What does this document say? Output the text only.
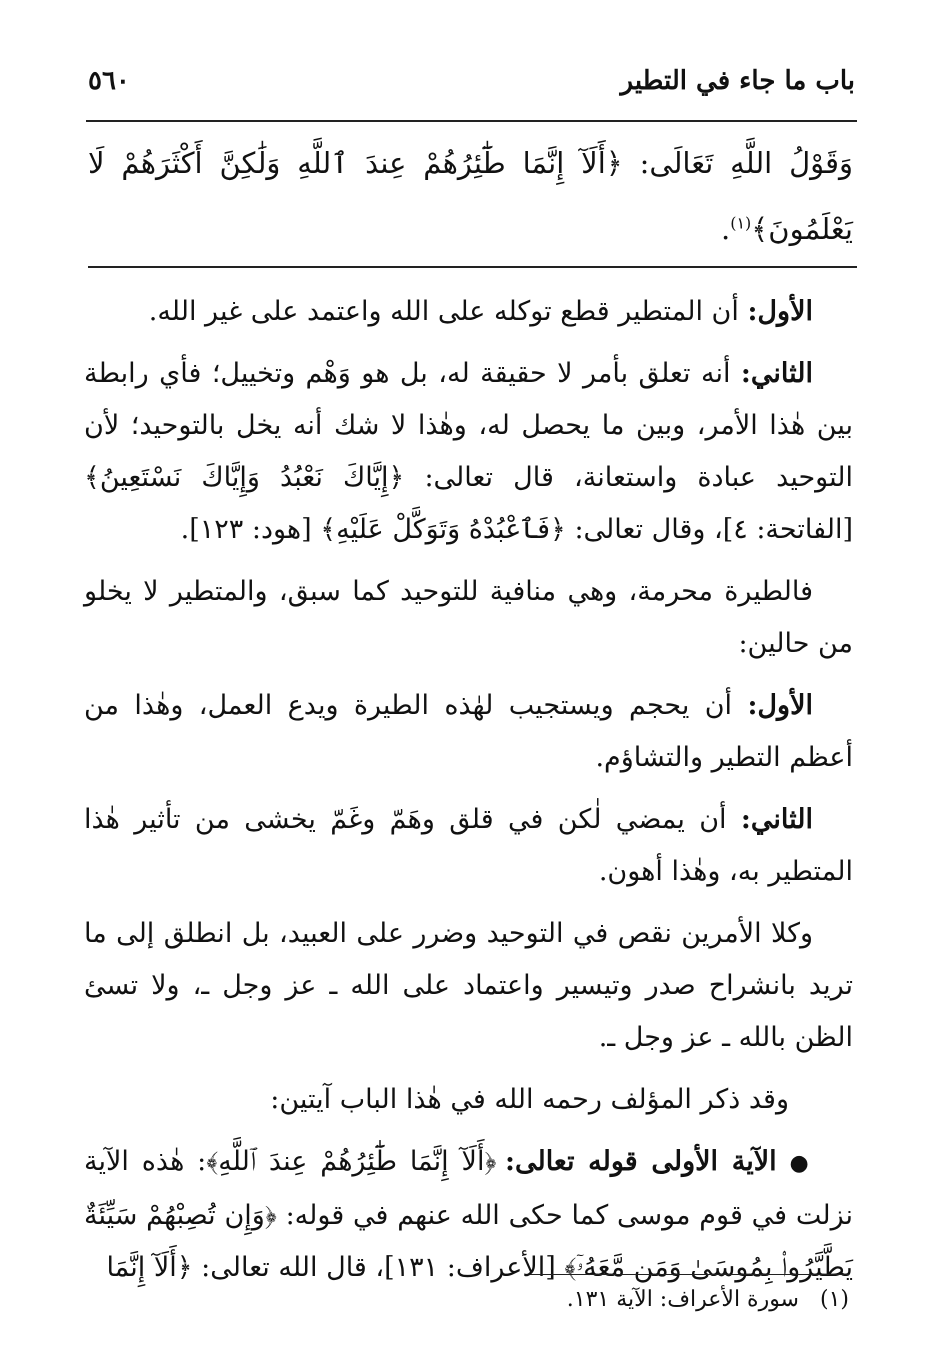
باب ما جاء في التطير
٥٦٠
وَقَوْلُ اللَّهِ تَعَالَى: ﴿أَلَآ إِنَّمَا طَٰٓئِرُهُمْ عِندَ ٱللَّهِ وَلَٰكِنَّ أَكْثَرَهُمْ لَا يَعْلَمُونَ﴾$^{(١)}$.

الأول: أن المتطير قطع توكله على الله واعتمد على غير الله.

الثاني: أنه تعلق بأمر لا حقيقة له، بل هو وَهْم وتخييل؛ فأي رابطة بين هٰذا الأمر، وبين ما يحصل له، وهٰذا لا شك أنه يخل بالتوحيد؛ لأن التوحيد عبادة واستعانة، قال تعالى: ﴿إِيَّاكَ نَعْبُدُ وَإِيَّاكَ نَسْتَعِينُ﴾ [الفاتحة: ٤]، وقال تعالى: ﴿فَٱعْبُدْهُ وَتَوَكَّلْ عَلَيْهِ﴾ [هود: ١٢٣].

فالطيرة محرمة، وهي منافية للتوحيد كما سبق، والمتطير لا يخلو من حالين:

الأول: أن يحجم ويستجيب لهٰذه الطيرة ويدع العمل، وهٰذا من أعظم التطير والتشاؤم.

الثاني: أن يمضي لٰكن في قلق وهَمّ وغَمّ يخشى من تأثير هٰذا المتطير به، وهٰذا أهون.

وكلا الأمرين نقص في التوحيد وضرر على العبيد، بل انطلق إلى ما تريد بانشراح صدر وتيسير واعتماد على الله ـ عز وجل ـ، ولا تسئ الظن بالله ـ عز وجل ـ.

وقد ذكر المؤلف رحمه الله في هٰذا الباب آيتين:

● الآية الأولى قوله تعالى: ﴿أَلَآ إِنَّمَا طَٰٓئِرُهُمْ عِندَ ٱللَّهِ﴾: هٰذه الآية نزلت في قوم موسى كما حكى الله عنهم في قوله: ﴿وَإِن تُصِبْهُمْ سَيِّئَةٌ يَطَّيَّرُوا۟ بِمُوسَىٰ وَمَن مَّعَهُۥٓ﴾ [الأعراف: ١٣١]، قال الله تعالى: ﴿أَلَآ إِنَّمَا

(١)   سورة الأعراف: الآية ١٣١.
